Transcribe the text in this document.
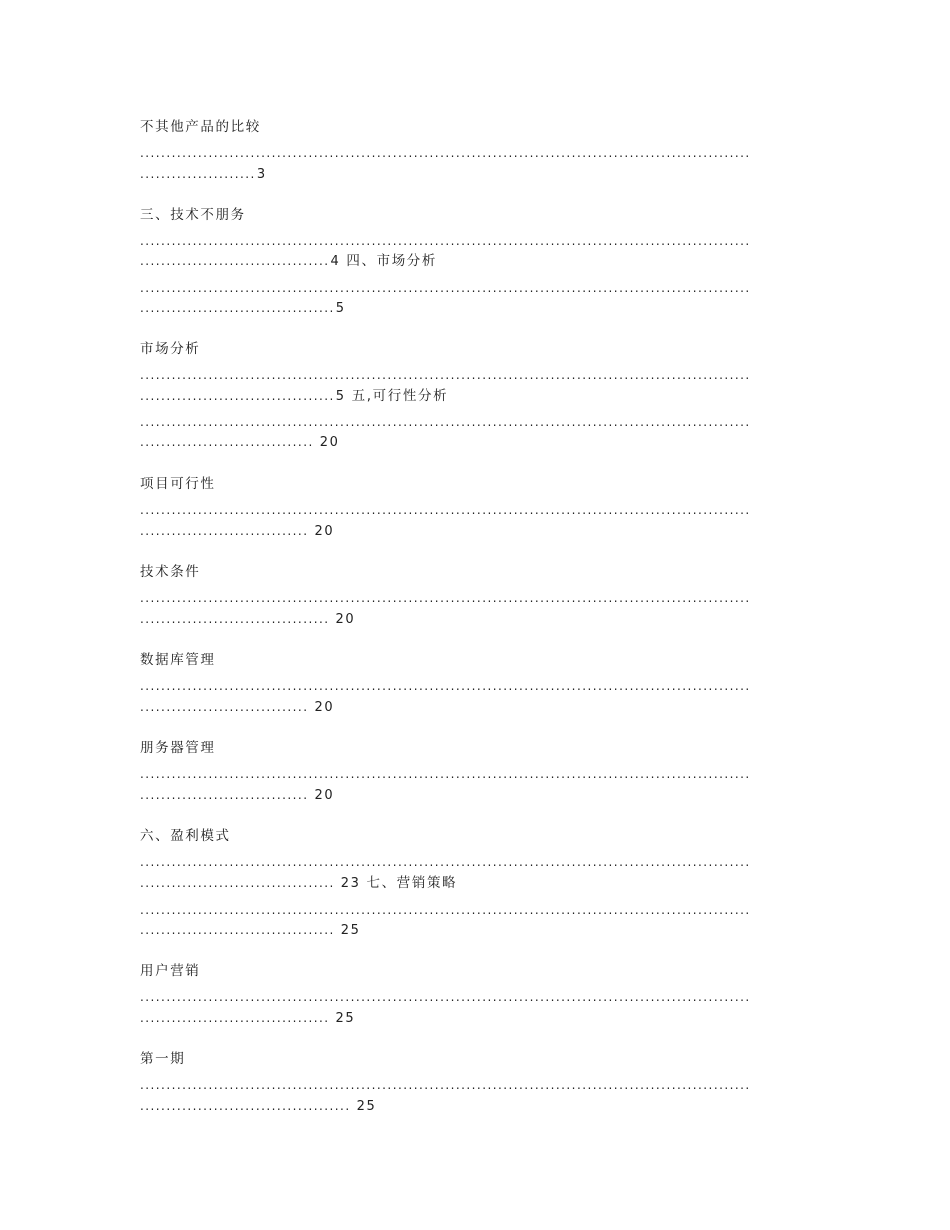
不其他产品的比较
....................................................................................................................
......................3
三、技术不朋务
....................................................................................................................
....................................4 四、市场分析
....................................................................................................................
.....................................5
市场分析
....................................................................................................................
.....................................5 五,可行性分析
....................................................................................................................
................................. 20
项目可行性
....................................................................................................................
................................ 20
技术条件
....................................................................................................................
.................................... 20
数据库管理
....................................................................................................................
................................ 20
朋务器管理
....................................................................................................................
................................ 20
六、盈利模式
....................................................................................................................
..................................... 23 七、营销策略
....................................................................................................................
..................................... 25
用户营销
....................................................................................................................
.................................... 25
第一期
....................................................................................................................
........................................ 25
